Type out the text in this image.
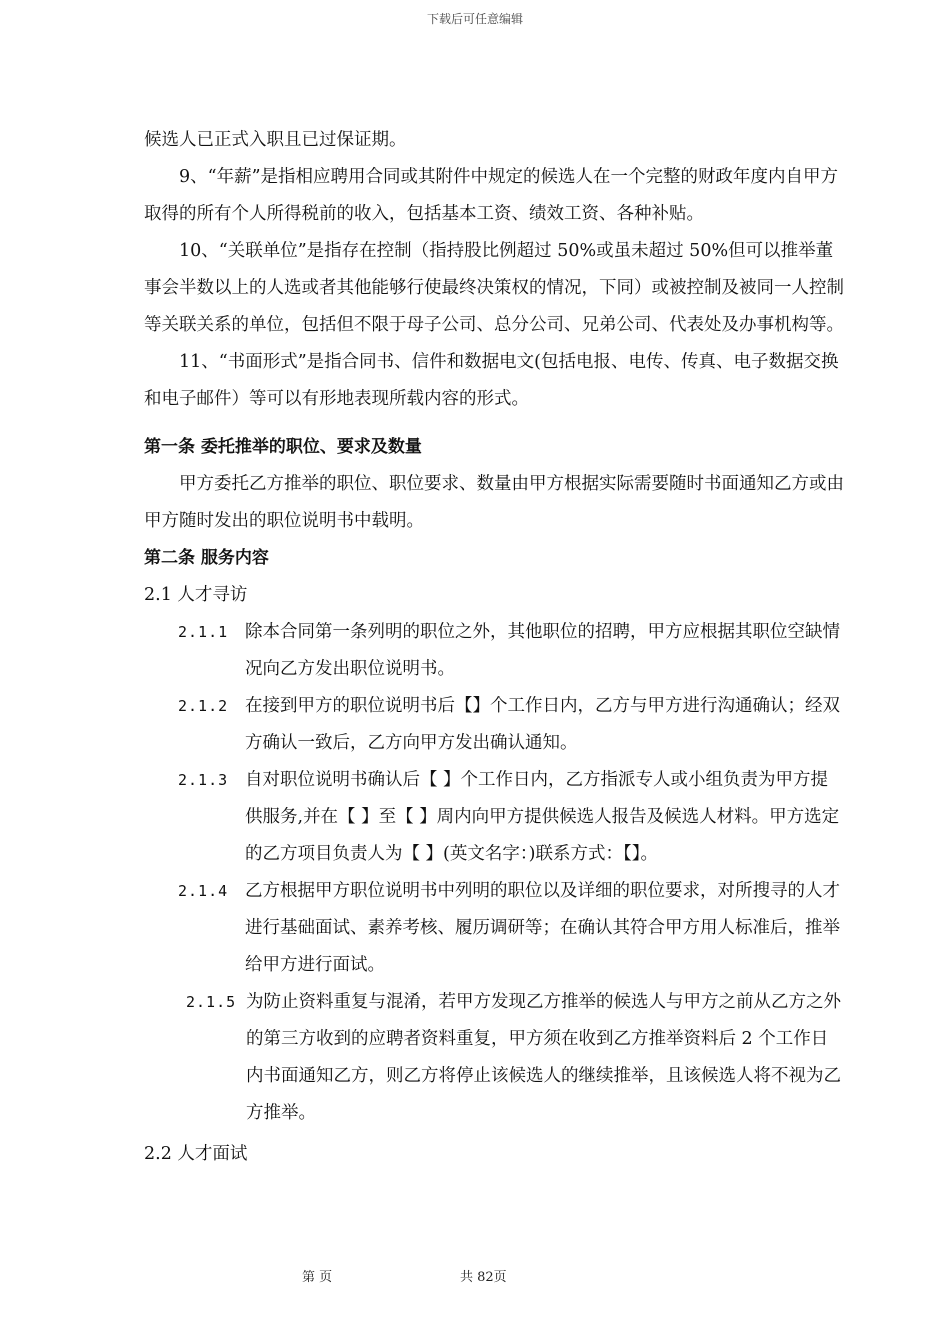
下载后可任意编辑

候选人已正式入职且已过保证期。

9、“年薪”是指相应聘用合同或其附件中规定的候选人在一个完整的财政年度内自甲方取得的所有个人所得税前的收入，包括基本工资、绩效工资、各种补贴。

10、“关联单位”是指存在控制（指持股比例超过 50%或虽未超过 50%但可以推举董事会半数以上的人选或者其他能够行使最终决策权的情况，下同）或被控制及被同一人控制等关联关系的单位，包括但不限于母子公司、总分公司、兄弟公司、代表处及办事机构等。

11、“书面形式”是指合同书、信件和数据电文(包括电报、电传、传真、电子数据交换和电子邮件）等可以有形地表现所载内容的形式。

第一条 委托推举的职位、要求及数量

甲方委托乙方推举的职位、职位要求、数量由甲方根据实际需要随时书面通知乙方或由甲方随时发出的职位说明书中载明。

第二条 服务内容

2.1 人才寻访

2.1.1 除本合同第一条列明的职位之外，其他职位的招聘，甲方应根据其职位空缺情况向乙方发出职位说明书。
2.1.2 在接到甲方的职位说明书后【】个工作日内，乙方与甲方进行沟通确认；经双方确认一致后，乙方向甲方发出确认通知。
2.1.3 自对职位说明书确认后【 】个工作日内，乙方指派专人或小组负责为甲方提供服务,并在【 】至【 】周内向甲方提供候选人报告及候选人材料。甲方选定的乙方项目负责人为【 】(英文名字：)联系方式：【】。
2.1.4 乙方根据甲方职位说明书中列明的职位以及详细的职位要求，对所搜寻的人才进行基础面试、素养考核、履历调研等；在确认其符合甲方用人标准后，推举给甲方进行面试。
2.1.5 为防止资料重复与混淆，若甲方发现乙方推举的候选人与甲方之前从乙方之外的第三方收到的应聘者资料重复，甲方须在收到乙方推举资料后 2 个工作日内书面通知乙方，则乙方将停止该候选人的继续推举，且该候选人将不视为乙方推举。

2.2 人才面试

第 页	共 82页
